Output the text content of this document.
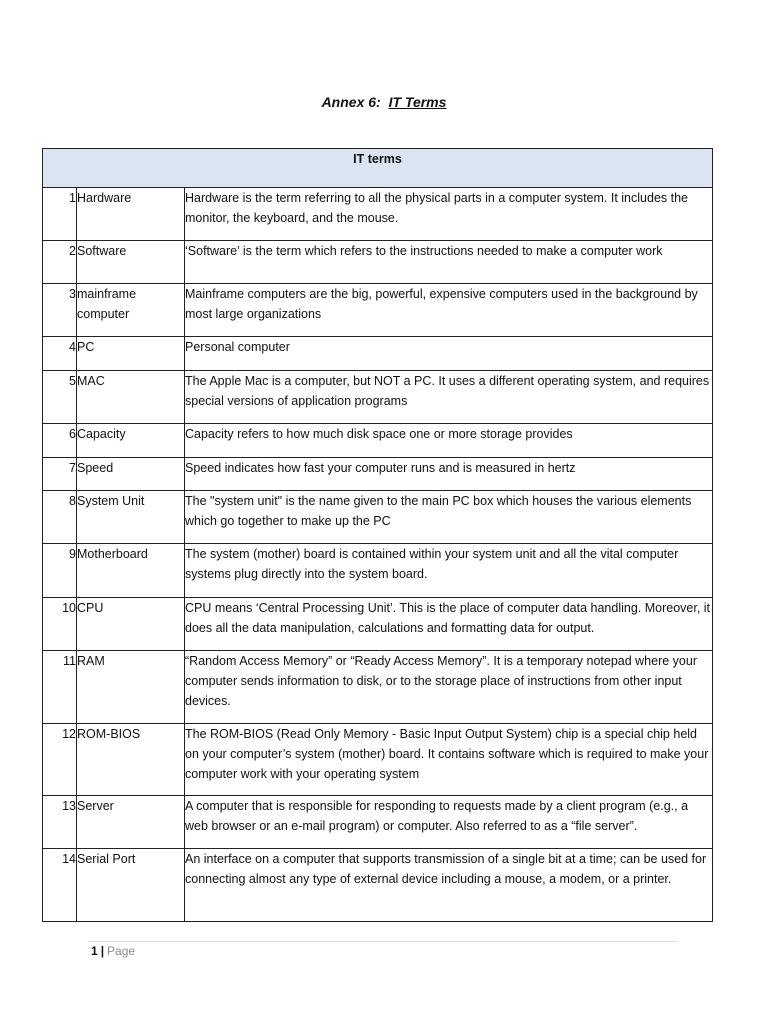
Annex 6: IT Terms
IT terms		
1	Hardware	Hardware is the term referring to all the physical parts in a computer system. It includes the monitor, the keyboard, and the mouse.
2	Software	‘Software’ is the term which refers to the instructions needed to make a computer work
3	mainframe computer	Mainframe computers are the big, powerful, expensive computers used in the background by most large organizations
4	PC	Personal computer
5	MAC	The Apple Mac is a computer, but NOT a PC. It uses a different operating system, and requires special versions of application programs
6	Capacity	Capacity refers to how much disk space one or more storage provides
7	Speed	Speed indicates how fast your computer runs and is measured in hertz
8	System Unit	The "system unit" is the name given to the main PC box which houses the various elements which go together to make up the PC
9	Motherboard	The system (mother) board is contained within your system unit and all the vital computer systems plug directly into the system board.
10	CPU	CPU means ‘Central Processing Unit’. This is the place of computer data handling. Moreover, it does all the data manipulation, calculations and formatting data for output.
11	RAM	“Random Access Memory” or “Ready Access Memory”. It is a temporary notepad where your computer sends information to disk, or to the storage place of instructions from other input devices.
12	ROM-BIOS	The ROM-BIOS (Read Only Memory - Basic Input Output System) chip is a special chip held on your computer’s system (mother) board. It contains software which is required to make your computer work with your operating system
13	Server	A computer that is responsible for responding to requests made by a client program (e.g., a web browser or an e-mail program) or computer. Also referred to as a “file server”.
14	Serial Port	An interface on a computer that supports transmission of a single bit at a time; can be used for connecting almost any type of external device including a mouse, a modem, or a printer.
1 | Page
